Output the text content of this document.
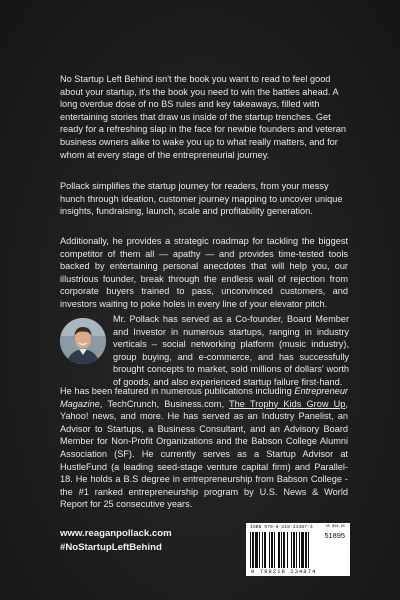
No Startup Left Behind isn't the book you want to read to feel good about your startup, it's the book you need to win the battles ahead. A long overdue dose of no BS rules and key takeaways, filled with entertaining stories that draw us inside of the startup trenches. Get ready for a refreshing slap in the face for newbie founders and veteran business owners alike to wake you up to what really matters, and for whom at every stage of the entrepreneurial journey.

Pollack simplifies the startup journey for readers, from your messy hunch through ideation, customer journey mapping to uncover unique insights, fundraising, launch, scale and profitability generation.

Additionally, he provides a strategic roadmap for tackling the biggest competitor of them all — apathy — and provides time-tested tools backed by entertaining personal anecdotes that will help you, our illustrious founder, break through the endless wall of rejection from corporate buyers trained to pass, unconvinced customers, and investors waiting to poke holes in every line of your elevator pitch.

Mr. Pollack has served as a Co-founder, Board Member and Investor in numerous startups, ranging in industry verticals – social networking platform (music industry), group buying, and e-commerce, and has successfully brought concepts to market, sold millions of dollars' worth of goods, and also experienced startup failure first-hand.

He has been featured in numerous publications including Entrepreneur Magazine, TechCrunch, Business.com, The Trophy Kids Grow Up, Yahoo! news, and more. He has served as an Industry Panelist, an Advisor to Startups, a Business Consultant, and an Advisory Board Member for Non-Profit Organizations and the Babson College Alumni Association (SF). He currently serves as a Startup Advisor at HustleFund (a leading seed-stage venture capital firm) and Parallel-18. He holds a B.S degree in entrepreneurship from Babson College - the #1 ranked entrepreneurship program by U.S. News & World Report for 25 consecutive years.

www.reaganpollack.com
#NoStartupLeftBehind
ISBN 979-8-218-23487-4	US $18.95
51895
9 798218 234874
